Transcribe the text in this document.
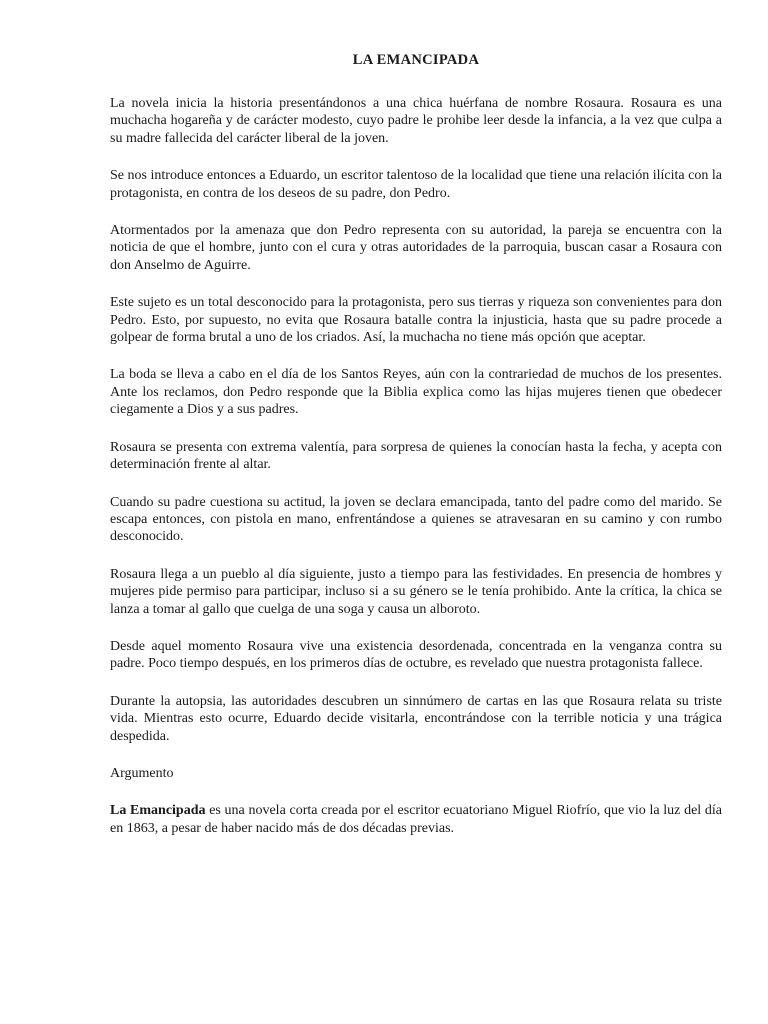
LA EMANCIPADA

La novela inicia la historia presentándonos a una chica huérfana de nombre Rosaura. Rosaura es una muchacha hogareña y de carácter modesto, cuyo padre le prohibe leer desde la infancia, a la vez que culpa a su madre fallecida del carácter liberal de la joven.

Se nos introduce entonces a Eduardo, un escritor talentoso de la localidad que tiene una relación ilícita con la protagonista, en contra de los deseos de su padre, don Pedro.

Atormentados por la amenaza que don Pedro representa con su autoridad, la pareja se encuentra con la noticia de que el hombre, junto con el cura y otras autoridades de la parroquia, buscan casar a Rosaura con don Anselmo de Aguirre.

Este sujeto es un total desconocido para la protagonista, pero sus tierras y riqueza son convenientes para don Pedro. Esto, por supuesto, no evita que Rosaura batalle contra la injusticia, hasta que su padre procede a golpear de forma brutal a uno de los criados. Así, la muchacha no tiene más opción que aceptar.

La boda se lleva a cabo en el día de los Santos Reyes, aún con la contrariedad de muchos de los presentes. Ante los reclamos, don Pedro responde que la Biblia explica como las hijas mujeres tienen que obedecer ciegamente a Dios y a sus padres.

Rosaura se presenta con extrema valentía, para sorpresa de quienes la conocían hasta la fecha, y acepta con determinación frente al altar.

Cuando su padre cuestiona su actitud, la joven se declara emancipada, tanto del padre como del marido. Se escapa entonces, con pistola en mano, enfrentándose a quienes se atravesaran en su camino y con rumbo desconocido.

Rosaura llega a un pueblo al día siguiente, justo a tiempo para las festividades. En presencia de hombres y mujeres pide permiso para participar, incluso si a su género se le tenía prohibido. Ante la crítica, la chica se lanza a tomar al gallo que cuelga de una soga y causa un alboroto.

Desde aquel momento Rosaura vive una existencia desordenada, concentrada en la venganza contra su padre. Poco tiempo después, en los primeros días de octubre, es revelado que nuestra protagonista fallece.

Durante la autopsia, las autoridades descubren un sinnúmero de cartas en las que Rosaura relata su triste vida. Mientras esto ocurre, Eduardo decide visitarla, encontrándose con la terrible noticia y una trágica despedida.

Argumento

La Emancipada es una novela corta creada por el escritor ecuatoriano Miguel Riofrío, que vio la luz del día en 1863, a pesar de haber nacido más de dos décadas previas.
